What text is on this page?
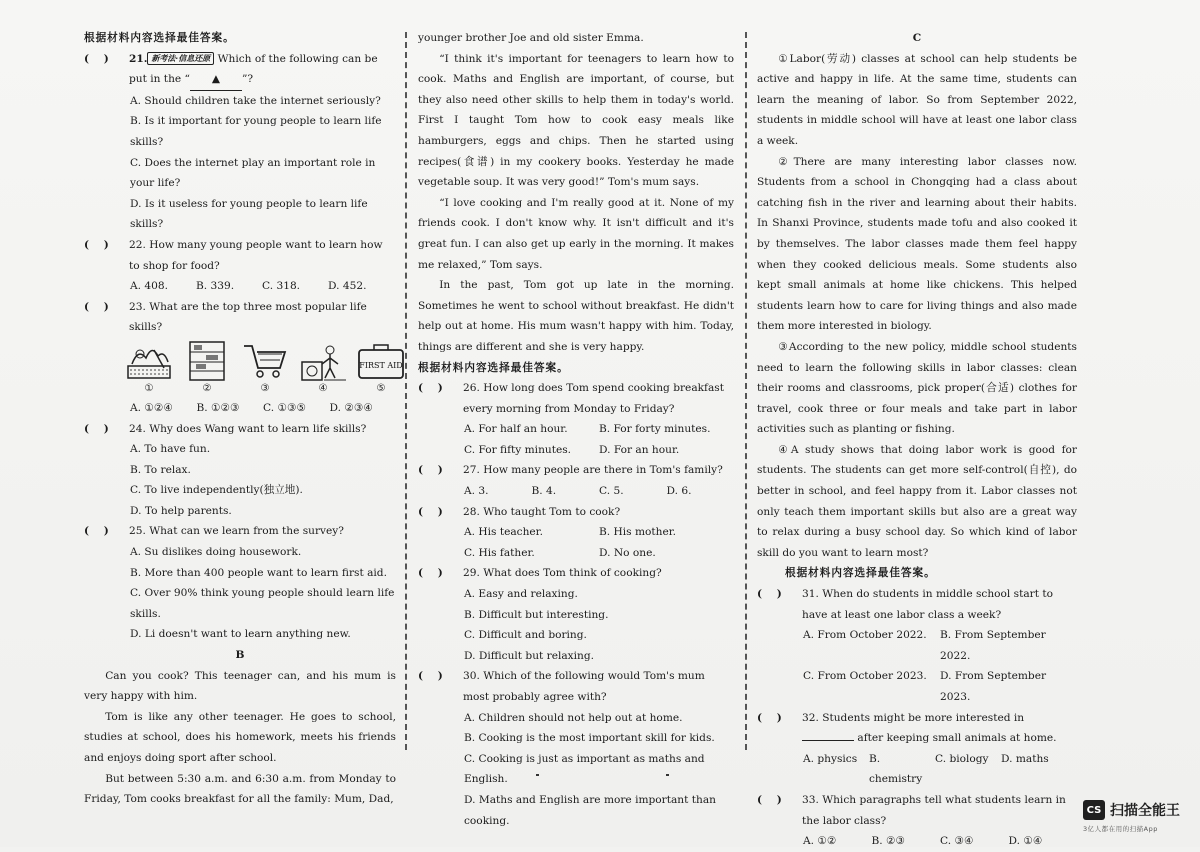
根据材料内容选择最佳答案。
(    )	21. 新考法·信息还原 Which of the following can be put in the “ ▲ ”?
A. Should children take the internet seriously?
B. Is it important for young people to learn life skills?
C. Does the internet play an important role in your life?
D. Is it useless for young people to learn life skills?
(    )	22. How many young people want to learn how to shop for food?
A. 408.	B. 339.	C. 318.	D. 452.
(    )	23. What are the top three most popular life skills?
①	②	③	④
FIRST AID
⑤
A. ①②④	B. ①②③	C. ①③⑤	D. ②③④
(    )	24. Why does Wang want to learn life skills?
A. To have fun.
B. To relax.
C. To live independently(独立地).
D. To help parents.
(    )	25. What can we learn from the survey?
A. Su dislikes doing housework.
B. More than 400 people want to learn first aid.
C. Over 90% think young people should learn life skills.
D. Li doesn't want to learn anything new.
B
Can you cook? This teenager can, and his mum is very happy with him.
Tom is like any other teenager. He goes to school, studies at school, does his homework, meets his friends and enjoys doing sport after school.
But between 5:30 a.m. and 6:30 a.m. from Monday to Friday, Tom cooks breakfast for all the family: Mum, Dad,
younger brother Joe and old sister Emma.
“I think it's important for teenagers to learn how to cook. Maths and English are important, of course, but they also need other skills to help them in today's world. First I taught Tom how to cook easy meals like hamburgers, eggs and chips. Then he started using recipes(食谱) in my cookery books. Yesterday he made vegetable soup. It was very good!” Tom's mum says.
“I love cooking and I'm really good at it. None of my friends cook. I don't know why. It isn't difficult and it's great fun. I can also get up early in the morning. It makes me relaxed,” Tom says.
In the past, Tom got up late in the morning. Sometimes he went to school without breakfast. He didn't help out at home. His mum wasn't happy with him. Today, things are different and she is very happy.
根据材料内容选择最佳答案。
(    )	26. How long does Tom spend cooking breakfast every morning from Monday to Friday?
A. For half an hour.	B. For forty minutes.
C. For fifty minutes.	D. For an hour.
(    )	27. How many people are there in Tom's family?
A. 3.	B. 4.	C. 5.	D. 6.
(    )	28. Who taught Tom to cook?
A. His teacher.	B. His mother.
C. His father.	D. No one.
(    )	29. What does Tom think of cooking?
A. Easy and relaxing.
B. Difficult but interesting.
C. Difficult and boring.
D. Difficult but relaxing.
(    )	30. Which of the following would Tom's mum most probably agree with?
A. Children should not help out at home.
B. Cooking is the most important skill for kids.
C. Cooking is just as important as maths and English.
D. Maths and English are more important than cooking.
C
①Labor(劳动) classes at school can help students be active and happy in life. At the same time, students can learn the meaning of labor. So from September 2022, students in middle school will have at least one labor class a week.
②There are many interesting labor classes now. Students from a school in Chongqing had a class about catching fish in the river and learning about their habits. In Shanxi Province, students made tofu and also cooked it by themselves. The labor classes made them feel happy when they cooked delicious meals. Some students also kept small animals at home like chickens. This helped students learn how to care for living things and also made them more interested in biology.
③According to the new policy, middle school students need to learn the following skills in labor classes: clean their rooms and classrooms, pick proper(合适) clothes for travel, cook three or four meals and take part in labor activities such as planting or fishing.
④A study shows that doing labor work is good for students. The students can get more self-control(自控), do better in school, and feel happy from it. Labor classes not only teach them important skills but also are a great way to relax during a busy school day. So which kind of labor skill do you want to learn most?
根据材料内容选择最佳答案。
(    )	31. When do students in middle school start to have at least one labor class a week?
A. From October 2022.	B. From September 2022.
C. From October 2023.	D. From September 2023.
(    )	32. Students might be more interested in  after keeping small animals at home.
A. physics	B. chemistry
C. biology	D. maths
(    )	33. Which paragraphs tell what students learn in the labor class?
A. ①②	B. ②③	C. ③④	D. ①④
CS 扫描全能王
3亿人都在用的扫描App
